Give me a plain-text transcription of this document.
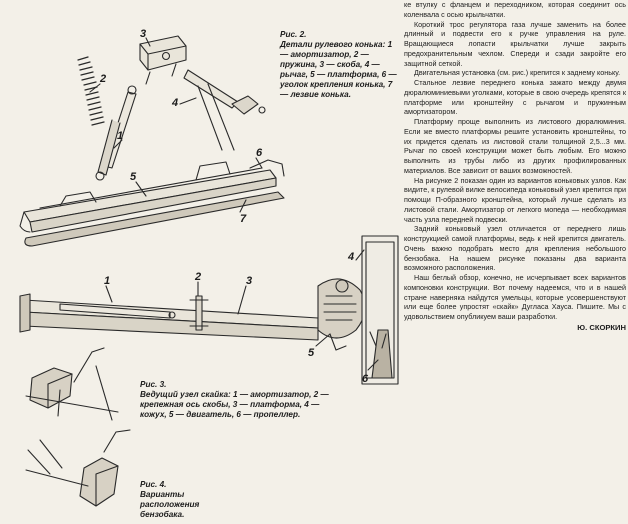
3
2
1
4
5
6
7
1	2	3
4
5
6
Рис. 2.
Детали рулевого конька: 1 — амортизатор, 2 — пружина, 3 — скоба, 4 — рычаг, 5 — платформа, 6 — уголок крепления конька, 7 — лезвие конька.
Рис. 3.
Ведущий узел скайка: 1 — амортизатор, 2 — крепежная ось скобы, 3 — платформа, 4 — кожух, 5 — двигатель, 6 — пропеллер.
Рис. 4.
Варианты расположения бензобака.

ке втулку с фланцем и переходником, которая соединит ось коленвала с осью крыльчатки.

Короткий трос регулятора газа лучше заменить на более длинный и подвести его к ручке управления на руле. Вращающиеся лопасти крыльчатки лучше закрыть предохранительным чехлом. Спереди и сзади закройте его защитной сеткой.

Двигательная установка (см. рис.) крепится к заднему коньку.

Стальное лезвие переднего конька зажато между двумя дюралюминиевыми уголками, которые в свою очередь крепятся к платформе или кронштейну с рычагом и пружинным амортизатором.

Платформу проще выполнить из листового дюралюминия. Если же вместо платформы решите установить кронштейны, то их придется сделать из листовой стали толщиной 2,5...3 мм. Рычаг по своей конструкции может быть любым. Его можно выполнить из трубы либо из других профилированных материалов. Все зависит от ваших возможностей.

На рисунке 2 показан один из вариантов коньковых узлов. Как видите, к рулевой вилке велосипеда коньковый узел крепится при помощи П-образного кронштейна, который лучше сделать из листовой стали. Амортизатор от легкого мопеда — необходимая часть узла передней подвески.

Задний коньковый узел отличается от переднего лишь конструкцией самой платформы, ведь к ней крепится двигатель. Очень важно подобрать место для крепления небольшого бензобака. На нашем рисунке показаны два варианта возможного расположения.

Наш беглый обзор, конечно, не исчерпывает всех вариантов компоновки конструкции. Вот почему надеемся, что и в нашей стране наверняка найдутся умельцы, которые усовершенствуют или еще более упростят «скайк» Дугласа Хауса. Пишите. Мы с удовольствием опубликуем ваши разработки.

Ю. СКОРКИН
